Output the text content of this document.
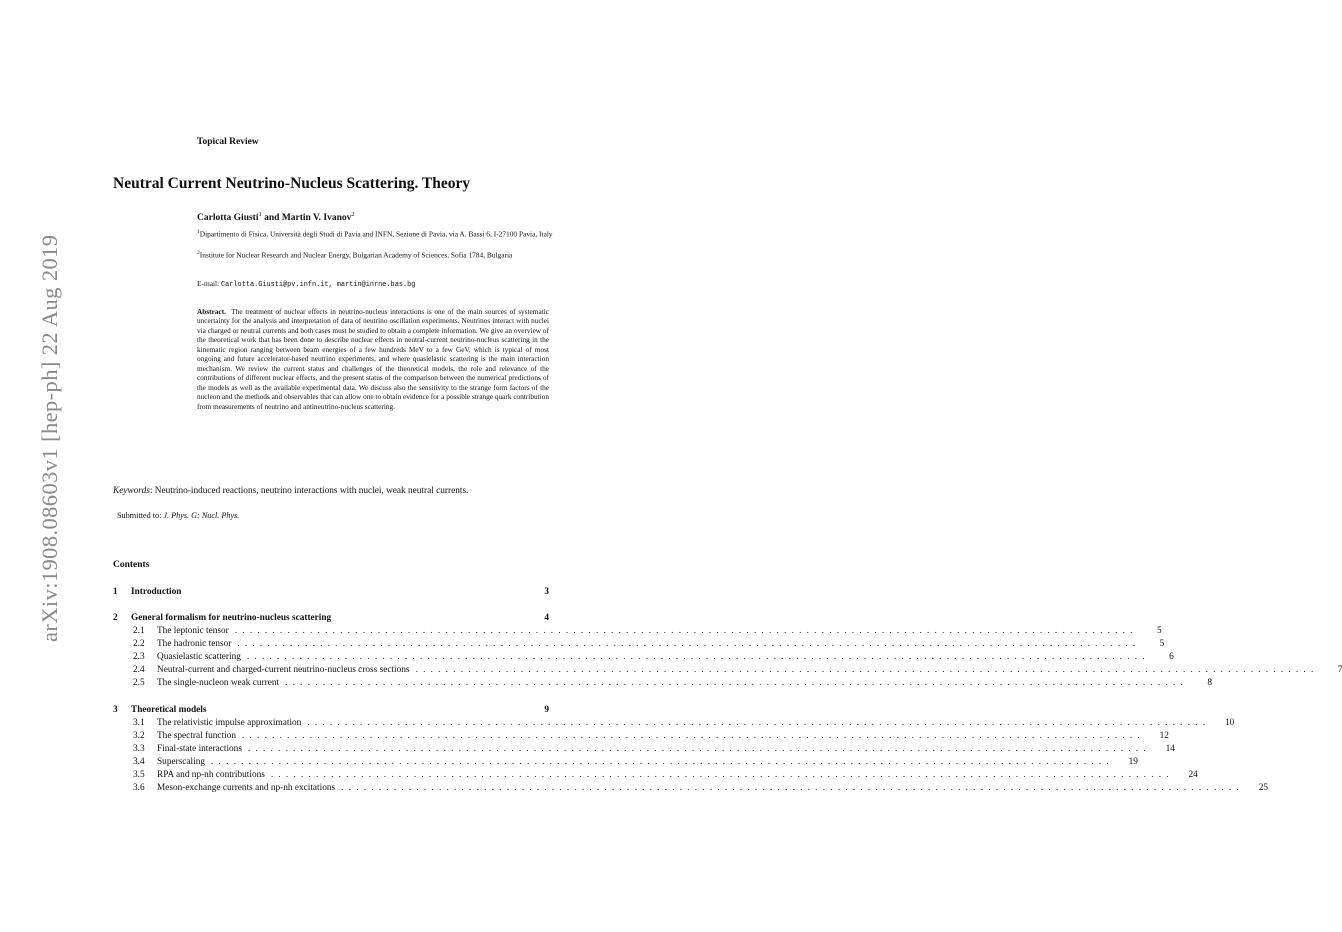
arXiv:1908.08603v1 [hep-ph] 22 Aug 2019
Topical Review
Neutral Current Neutrino-Nucleus Scattering. Theory
Carlotta Giusti$^1$ and Martin V. Ivanov$^2$
$^1$Dipartimento di Fisica, Università degli Studi di Pavia and INFN, Sezione di Pavia, via A. Bassi 6, I-27100 Pavia, Italy
$^2$Institute for Nuclear Research and Nuclear Energy, Bulgarian Academy of Sciences, Sofia 1784, Bulgaria
E-mail: Carlotta.Giusti@pv.infn.it, martin@inrne.bas.bg
Abstract. The treatment of nuclear effects in neutrino-nucleus interactions is one of the main sources of systematic uncertainty for the analysis and interpretation of data of neutrino oscillation experiments. Neutrinos interact with nuclei via charged or neutral currents and both cases must be studied to obtain a complete information. We give an overview of the theoretical work that has been done to describe nuclear effects in neutral-current neutrino-nucleus scattering in the kinematic region ranging between beam energies of a few hundreds MeV to a few GeV, which is typical of most ongoing and future accelerator-based neutrino experiments, and where quasielastic scattering is the main interaction mechanism. We review the current status and challenges of the theoretical models, the role and relevance of the contributions of different nuclear effects, and the present status of the comparison between the numerical predictions of the models as well as the available experimental data. We discuss also the sensitivity to the strange form factors of the nucleon and the methods and observables that can allow one to obtain evidence for a possible strange quark contribution from measurements of neutrino and antineutrino-nucleus scattering.
Keywords: Neutrino-induced reactions, neutrino interactions with nuclei, weak neutral currents.
Submitted to: J. Phys. G: Nucl. Phys.
Contents
1 Introduction	3
2 General formalism for neutrino-nucleus scattering	4
2.1	The leptonic tensor ........................................................................................................................	5
2.2	The hadronic tensor ........................................................................................................................	5
2.3	Quasielastic scattering ........................................................................................................................	6
2.4	Neutral-current and charged-current neutrino-nucleus cross sections ........................................................................................................................	7
2.5	The single-nucleon weak current ........................................................................................................................	8
3 Theoretical models	9
3.1	The relativistic impulse approximation ........................................................................................................................	10
3.2	The spectral function ........................................................................................................................	12
3.3	Final-state interactions ........................................................................................................................	14
3.4	Superscaling ........................................................................................................................	19
3.5	RPA and np-nh contributions ........................................................................................................................	24
3.6	Meson-exchange currents and np-nh excitations ........................................................................................................................	25
